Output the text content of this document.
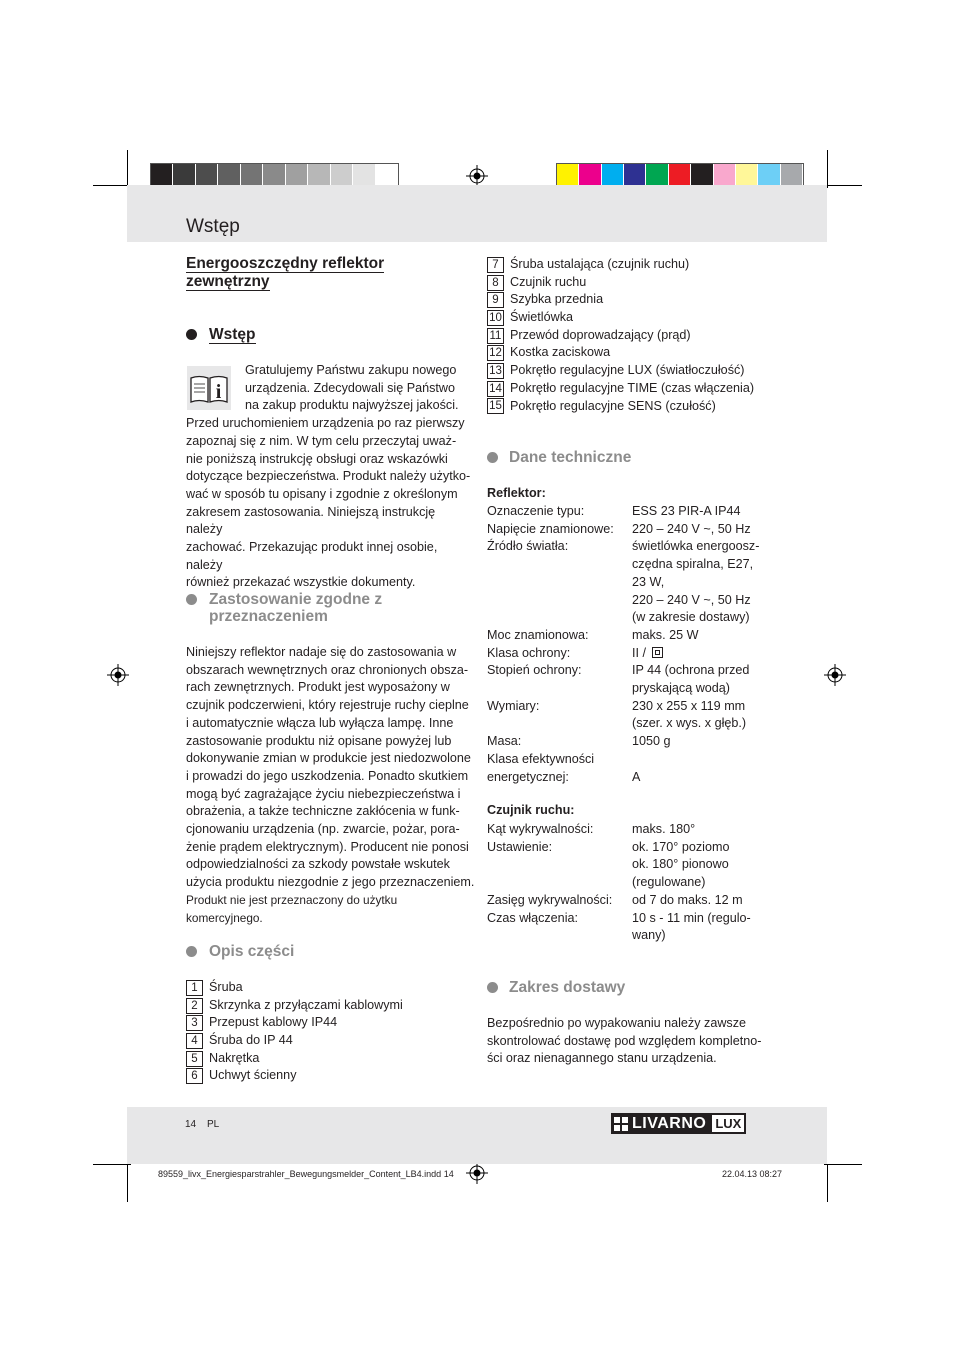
Wstęp
Energooszczędny reflektor
zewnętrzny
Wstęp
i

Gratulujemy Państwu zakupu nowego

urządzenia. Zdecydowali się Państwo

na zakup produktu najwyższej jakości.

Przed uruchomieniem urządzenia po raz pierwszy

zapoznaj się z nim. W tym celu przeczytaj uważ-

nie poniższą instrukcję obsługi oraz wskazówki

dotyczące bezpieczeństwa. Produkt należy użytko-

wać w sposób tu opisany i zgodnie z określonym

zakresem zastosowania. Niniejszą instrukcję należy

zachować. Przekazując produkt innej osobie, należy

również przekazać wszystkie dokumenty.

Zastosowanie zgodne z
przeznaczeniem

Niniejszy reflektor nadaje się do zastosowania w

obszarach wewnętrznych oraz chronionych obsza-

rach zewnętrznych. Produkt jest wyposażony w

czujnik podczerwieni, który rejestruje ruchy cieplne

i automatycznie włącza lub wyłącza lampę. Inne

zastosowanie produktu niż opisane powyżej lub

dokonywanie zmian w produkcie jest niedozwolone

i prowadzi do jego uszkodzenia. Ponadto skutkiem

mogą być zagrażające życiu niebezpieczeństwa i

obrażenia, a także techniczne zakłócenia w funk-

cjonowaniu urządzenia (np. zwarcie, pożar, pora-

żenie prądem elektrycznym). Producent nie ponosi

odpowiedzialności za szkody powstałe wskutek

użycia produktu niezgodnie z jego przeznaczeniem.

Produkt nie jest przeznaczony do użytku komercyjnego.

Opis części
1 Śruba
2 Skrzynka z przyłączami kablowymi
3 Przepust kablowy IP44
4 Śruba do IP 44
5 Nakrętka
6 Uchwyt ścienny
7 Śruba ustalająca (czujnik ruchu)
8 Czujnik ruchu
9 Szybka przednia
10 Świetlówka
11 Przewód doprowadzający (prąd)
12 Kostka zaciskowa
13 Pokrętło regulacyjne LUX (światłoczułość)
14 Pokrętło regulacyjne TIME (czas włączenia)
15 Pokrętło regulacyjne SENS (czułość)
Dane techniczne
Reflektor:
Oznaczenie typu:	ESS 23 PIR-A IP44
Napięcie znamionowe: 220 – 240 V ~, 50 Hz
Źródło światła:	świetlówka energoosz-
czędna spiralna, E27,
23 W,
220 – 240 V ~, 50 Hz
(w zakresie dostawy)
Moc znamionowa:	maks. 25 W
Klasa ochrony:	II /
Stopień ochrony:	IP 44 (ochrona przed
pryskającą wodą)
Wymiary:	230 x 255 x 119 mm
(szer. x wys. x głęb.)
Masa:	1050 g
Klasa efektywności
energetycznej:	A
Czujnik ruchu:
Kąt wykrywalności:	maks. 180°
Ustawienie:	ok. 170° poziomo
ok. 180° pionowo
(regulowane)
Zasięg wykrywalności: od 7 do maks. 12 m
Czas włączenia:	10 s - 11 min (regulo-
wany)
Zakres dostawy

Bezpośrednio po wypakowaniu należy zawsze

skontrolować dostawę pod względem kompletno-

ści oraz nienagannego stanu urządzenia.

14 PL	LIVARNO LUX
89559_livx_Energiesparstrahler_Bewegungsmelder_Content_LB4.indd 14	22.04.13 08:27
